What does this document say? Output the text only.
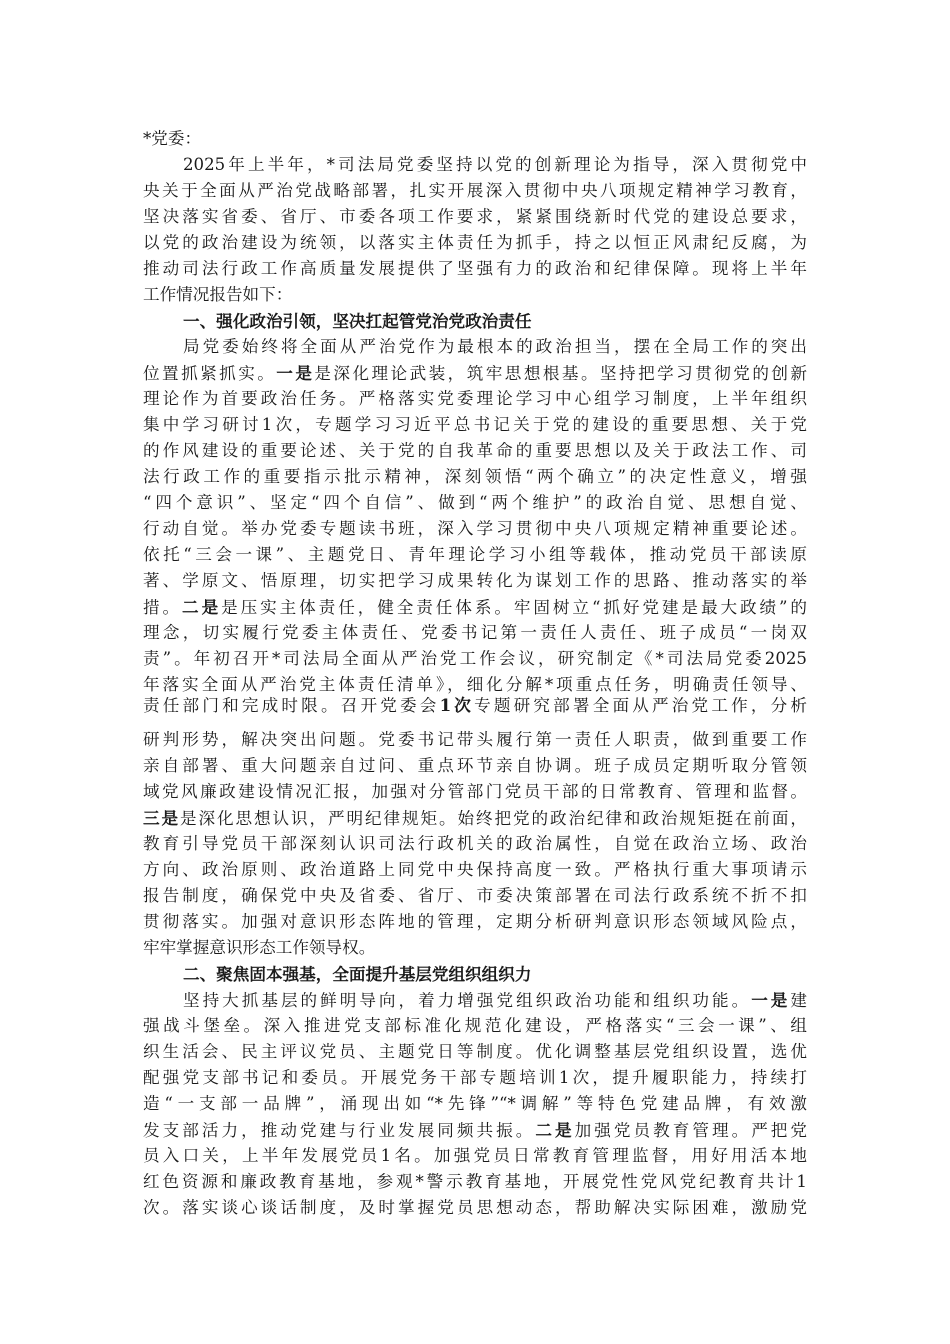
*党委：
2025年上半年，*司法局党委坚持以党的创新理论为指导，深入贯彻党中
央关于全面从严治党战略部署，扎实开展深入贯彻中央八项规定精神学习教育，
坚决落实省委、省厅、市委各项工作要求，紧紧围绕新时代党的建设总要求，
以党的政治建设为统领，以落实主体责任为抓手，持之以恒正风肃纪反腐，为
推动司法行政工作高质量发展提供了坚强有力的政治和纪律保障。现将上半年
工作情况报告如下：
一、强化政治引领，坚决扛起管党治党政治责任
局党委始终将全面从严治党作为最根本的政治担当，摆在全局工作的突出
位置抓紧抓实。一是是深化理论武装，筑牢思想根基。坚持把学习贯彻党的创新
理论作为首要政治任务。严格落实党委理论学习中心组学习制度，上半年组织
集中学习研讨1次，专题学习习近平总书记关于党的建设的重要思想、关于党
的作风建设的重要论述、关于党的自我革命的重要思想以及关于政法工作、司
法行政工作的重要指示批示精神，深刻领悟“两个确立”的决定性意义，增强
“四个意识”、坚定“四个自信”、做到“两个维护”的政治自觉、思想自觉、
行动自觉。举办党委专题读书班，深入学习贯彻中央八项规定精神重要论述。
依托“三会一课”、主题党日、青年理论学习小组等载体，推动党员干部读原
著、学原文、悟原理，切实把学习成果转化为谋划工作的思路、推动落实的举
措。二是是压实主体责任，健全责任体系。牢固树立“抓好党建是最大政绩”的
理念，切实履行党委主体责任、党委书记第一责任人责任、班子成员“一岗双
责”。年初召开*司法局全面从严治党工作会议，研究制定《*司法局党委2025
年落实全面从严治党主体责任清单》，细化分解*项重点任务，明确责任领导、
责任部门和完成时限。召开党委会1次专题研究部署全面从严治党工作，分析
研判形势，解决突出问题。党委书记带头履行第一责任人职责，做到重要工作
亲自部署、重大问题亲自过问、重点环节亲自协调。班子成员定期听取分管领
域党风廉政建设情况汇报，加强对分管部门党员干部的日常教育、管理和监督。
三是是深化思想认识，严明纪律规矩。始终把党的政治纪律和政治规矩挺在前面，
教育引导党员干部深刻认识司法行政机关的政治属性，自觉在政治立场、政治
方向、政治原则、政治道路上同党中央保持高度一致。严格执行重大事项请示
报告制度，确保党中央及省委、省厅、市委决策部署在司法行政系统不折不扣
贯彻落实。加强对意识形态阵地的管理，定期分析研判意识形态领域风险点，
牢牢掌握意识形态工作领导权。
二、聚焦固本强基，全面提升基层党组织组织力
坚持大抓基层的鲜明导向，着力增强党组织政治功能和组织功能。一是建
强战斗堡垒。深入推进党支部标准化规范化建设，严格落实“三会一课”、组
织生活会、民主评议党员、主题党日等制度。优化调整基层党组织设置，选优
配强党支部书记和委员。开展党务干部专题培训1次，提升履职能力，持续打
造“一支部一品牌”，涌现出如“*先锋”“*调解”等特色党建品牌，有效激
发支部活力，推动党建与行业发展同频共振。二是加强党员教育管理。严把党
员入口关，上半年发展党员1名。加强党员日常教育管理监督，用好用活本地
红色资源和廉政教育基地，参观*警示教育基地，开展党性党风党纪教育共计1
次。落实谈心谈话制度，及时掌握党员思想动态，帮助解决实际困难，激励党
